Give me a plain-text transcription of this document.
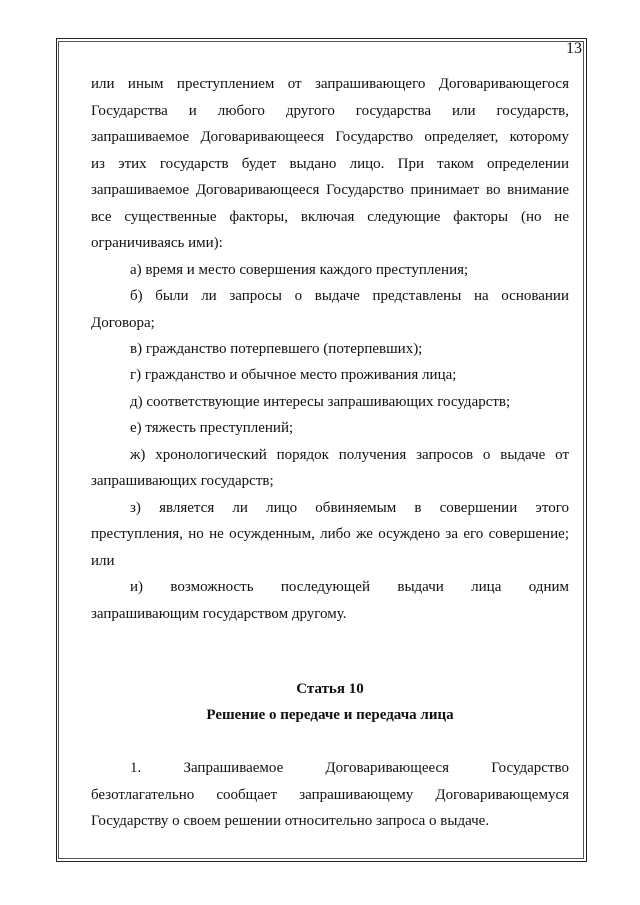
13
или иным преступлением от запрашивающего Договаривающегося
Государства и любого другого государства или государств,
запрашиваемое Договаривающееся Государство определяет, которому
из этих государств будет выдано лицо. При таком определении
запрашиваемое Договаривающееся Государство принимает во внимание
все существенные факторы, включая следующие факторы (но не
ограничиваясь ими):
а) время и место совершения каждого преступления;
б) были ли запросы о выдаче представлены на основании
Договора;
в) гражданство потерпевшего (потерпевших);
г) гражданство и обычное место проживания лица;
д) соответствующие интересы запрашивающих государств;
е) тяжесть преступлений;
ж) хронологический порядок получения запросов о выдаче от
запрашивающих государств;
з) является ли лицо обвиняемым в совершении этого
преступления, но не осужденным, либо же осуждено за его совершение;
или
и) возможность последующей выдачи лица одним
запрашивающим государством другому.
Статья 10
Решение о передаче и передача лица
1. Запрашиваемое Договаривающееся Государство
безотлагательно сообщает запрашивающему Договаривающемуся
Государству о своем решении относительно запроса о выдаче.
